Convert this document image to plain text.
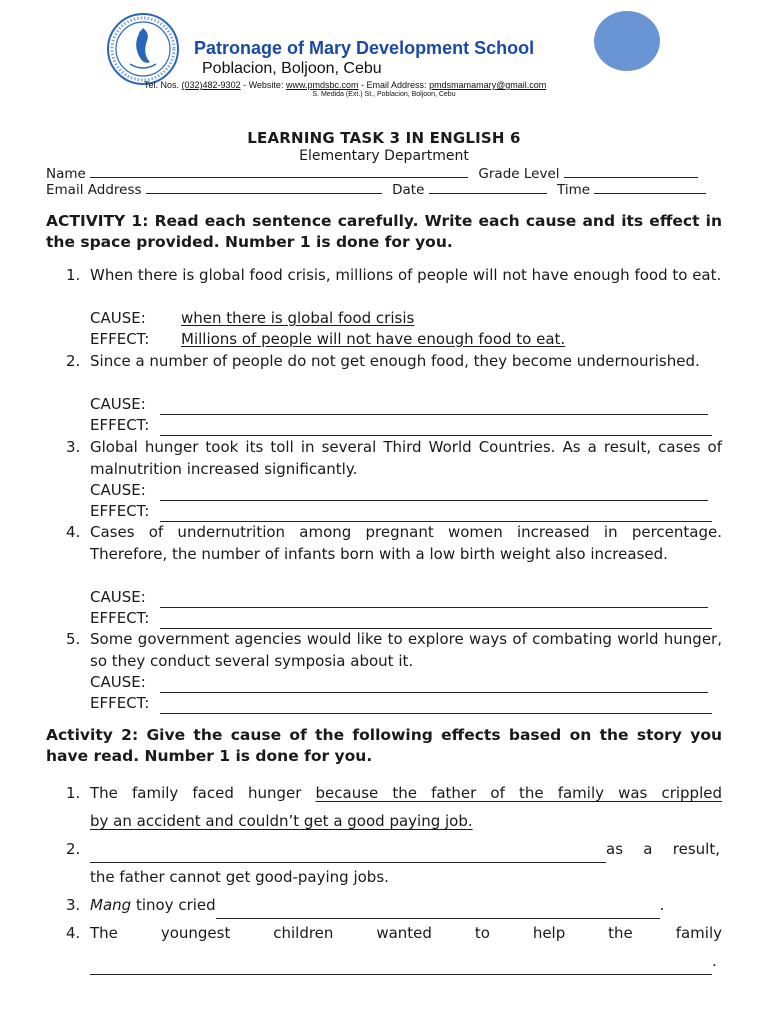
Patronage of Mary Development School
Poblacion, Boljoon, Cebu
Tel. Nos. (032)482-9302 - Website: www.pmdsbc.com - Email Address: pmdsmamamary@gmail.com
S. Medida (Ext.) St., Poblacion, Boljoon, Cebu
LEARNING TASK 3 IN ENGLISH 6
Elementary Department
Name	Grade Level
Email Address	Date	Time
ACTIVITY 1: Read each sentence carefully. Write each cause and its effect in the space provided. Number 1 is done for you.
1. When there is global food crisis, millions of people will not have enough food to eat.
CAUSE: when there is global food crisis
EFFECT: Millions of people will not have enough food to eat.
2. Since a number of people do not get enough food, they become undernourished.
CAUSE:
EFFECT:
3. Global hunger took its toll in several Third World Countries. As a result, cases of malnutrition increased significantly.
CAUSE:
EFFECT:
4. Cases of undernutrition among pregnant women increased in percentage. Therefore, the number of infants born with a low birth weight also increased.
CAUSE:
EFFECT:
5. Some government agencies would like to explore ways of combating world hunger, so they conduct several symposia about it.
CAUSE:
EFFECT:
Activity 2: Give the cause of the following effects based on the story you have read. Number 1 is done for you.
1. The family faced hunger because the father of the family was crippled
by an accident and couldn’t get a good paying job.
2.	as a result,
the father cannot get good-paying jobs.
3. Mang tinoy cried	.
4. The	youngest	children	wanted	to	help	the	family
.
